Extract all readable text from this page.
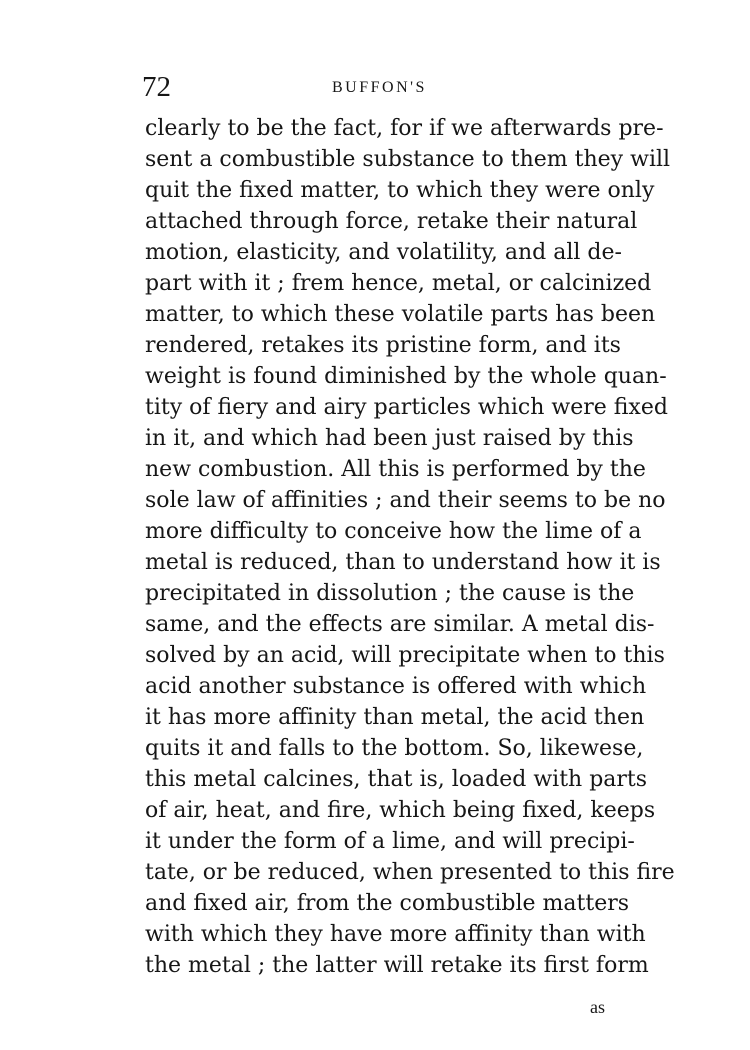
72	BUFFON'S
clearly to be the fact, for if we afterwards pre-
sent a combustible substance to them they will
quit the fixed matter, to which they were only
attached through force, retake their natural
motion, elasticity, and volatility, and all de-
part with it ; frem hence, metal, or calcinized
matter, to which these volatile parts has been
rendered, retakes its pristine form, and its
weight is found diminished by the whole quan-
tity of fiery and airy particles which were fixed
in it, and which had been just raised by this
new combustion. All this is performed by the
sole law of affinities ; and their seems to be no
more difficulty to conceive how the lime of a
metal is reduced, than to understand how it is
precipitated in dissolution ; the cause is the
same, and the effects are similar. A metal dis-
solved by an acid, will precipitate when to this
acid another substance is offered with which
it has more affinity than metal, the acid then
quits it and falls to the bottom. So, likewese,
this metal calcines, that is, loaded with parts
of air, heat, and fire, which being fixed, keeps
it under the form of a lime, and will precipi-
tate, or be reduced, when presented to this fire
and fixed air, from the combustible matters
with which they have more affinity than with
the metal ; the latter will retake its first form
as
